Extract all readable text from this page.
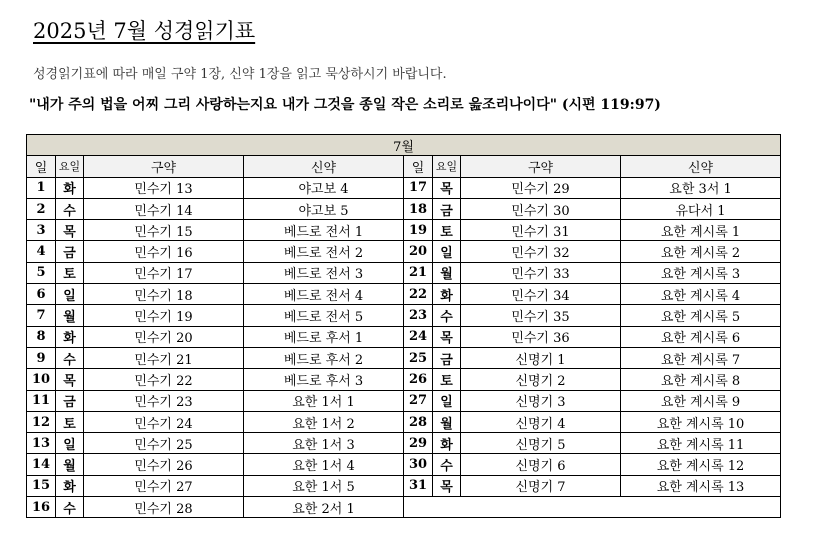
2025년 7월 성경읽기표
성경읽기표에 따라 매일 구약 1장, 신약 1장을 읽고 묵상하시기 바랍니다.
"내가 주의 법을 어찌 그리 사랑하는지요 내가 그것을 종일 작은 소리로 읊조리나이다" (시편 119:97)
7월							
일	요일	구약	신약	일	요일	구약	신약
1	화	민수기 13	야고보 4	17	목	민수기 29	요한 3서 1
2	수	민수기 14	야고보 5	18	금	민수기 30	유다서 1
3	목	민수기 15	베드로 전서 1	19	토	민수기 31	요한 계시록 1
4	금	민수기 16	베드로 전서 2	20	일	민수기 32	요한 계시록 2
5	토	민수기 17	베드로 전서 3	21	월	민수기 33	요한 계시록 3
6	일	민수기 18	베드로 전서 4	22	화	민수기 34	요한 계시록 4
7	월	민수기 19	베드로 전서 5	23	수	민수기 35	요한 계시록 5
8	화	민수기 20	베드로 후서 1	24	목	민수기 36	요한 계시록 6
9	수	민수기 21	베드로 후서 2	25	금	신명기 1	요한 계시록 7
10	목	민수기 22	베드로 후서 3	26	토	신명기 2	요한 계시록 8
11	금	민수기 23	요한 1서 1	27	일	신명기 3	요한 계시록 9
12	토	민수기 24	요한 1서 2	28	월	신명기 4	요한 계시록 10
13	일	민수기 25	요한 1서 3	29	화	신명기 5	요한 계시록 11
14	월	민수기 26	요한 1서 4	30	수	신명기 6	요한 계시록 12
15	화	민수기 27	요한 1서 5	31	목	신명기 7	요한 계시록 13
16	수	민수기 28	요한 2서 1				
